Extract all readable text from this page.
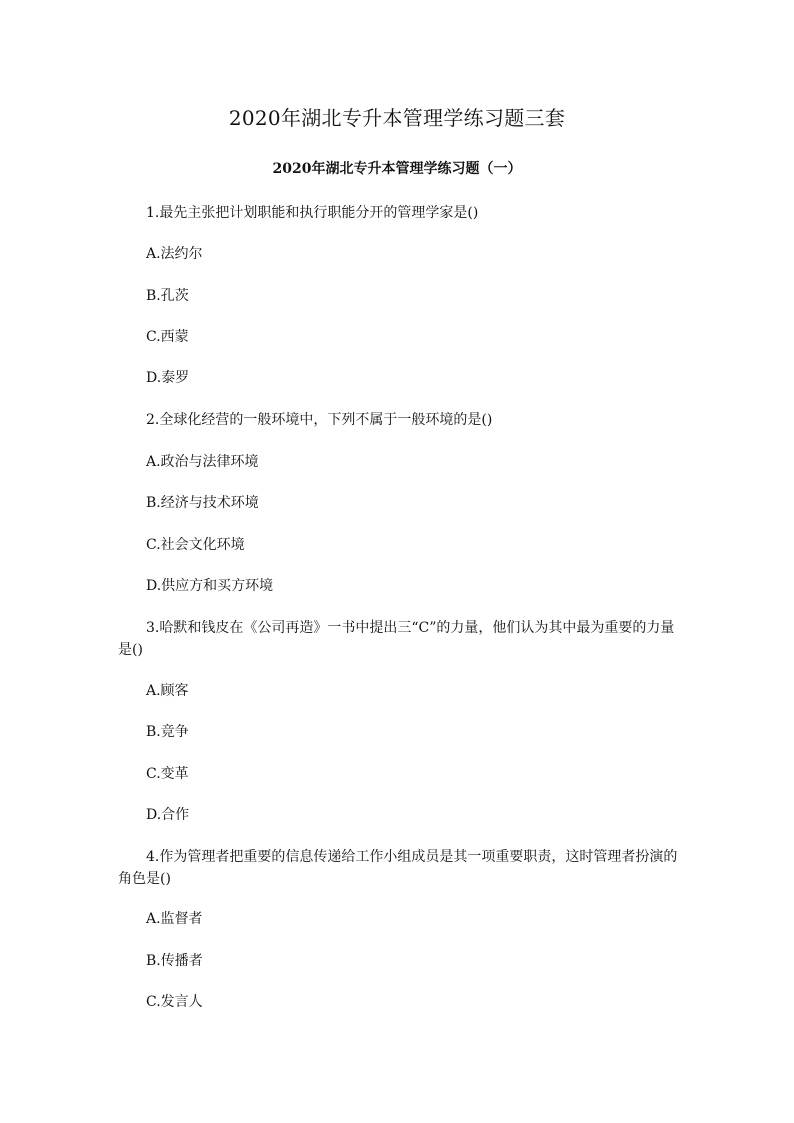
2020年湖北专升本管理学练习题三套
2020年湖北专升本管理学练习题（一）
1.最先主张把计划职能和执行职能分开的管理学家是()
A.法约尔
B.孔茨
C.西蒙
D.泰罗
2.全球化经营的一般环境中，下列不属于一般环境的是()
A.政治与法律环境
B.经济与技术环境
C.社会文化环境
D.供应方和买方环境
3.哈默和钱皮在《公司再造》一书中提出三“C”的力量，他们认为其中最为重要的力量是()
A.顾客
B.竞争
C.变革
D.合作
4.作为管理者把重要的信息传递给工作小组成员是其一项重要职责，这时管理者扮演的角色是()
A.监督者
B.传播者
C.发言人
